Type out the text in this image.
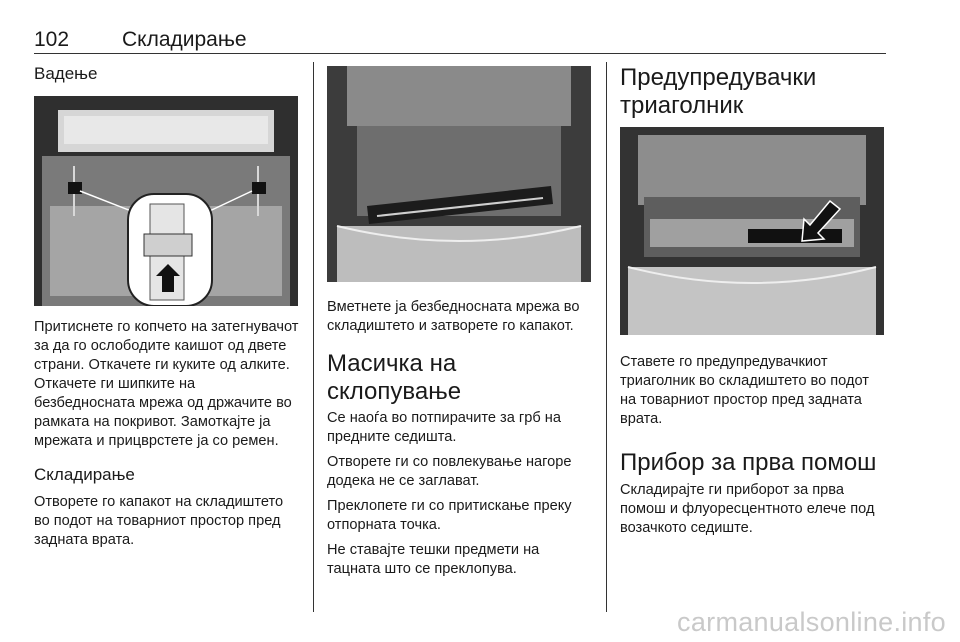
102	Складирање
Вадење

Притиснете го копчето на затегнувачот за да го ослободите каишот од двете страни. Откачете ги куките од алките. Откачете ги шипките на безбедносната мрежа од држачите во рамката на покривот. Замоткајте ја мрежата и прицврстете ја со ремен.

Складирање

Отворете го капакот на складиштето во подот на товарниот простор пред задната врата.

Вметнете ја безбедносната мрежа во складиштето и затворете го капакот.

Масичка на склопување

Се наоѓа во потпирачите за грб на предните седишта.

Отворете ги со повлекување нагоре додека не се заглават.

Преклопете ги со притискање преку отпорната точка.

Не ставајте тешки предмети на тацната што се преклопува.

Предупредувачки триаголник

Ставете го предупредувачкиот триаголник во складиштето во подот на товарниот простор пред задната врата.

Прибор за прва помош

Складирајте ги приборот за прва помош и флуоресцентното елече под возачкото седиште.

carmanualsonline.info
